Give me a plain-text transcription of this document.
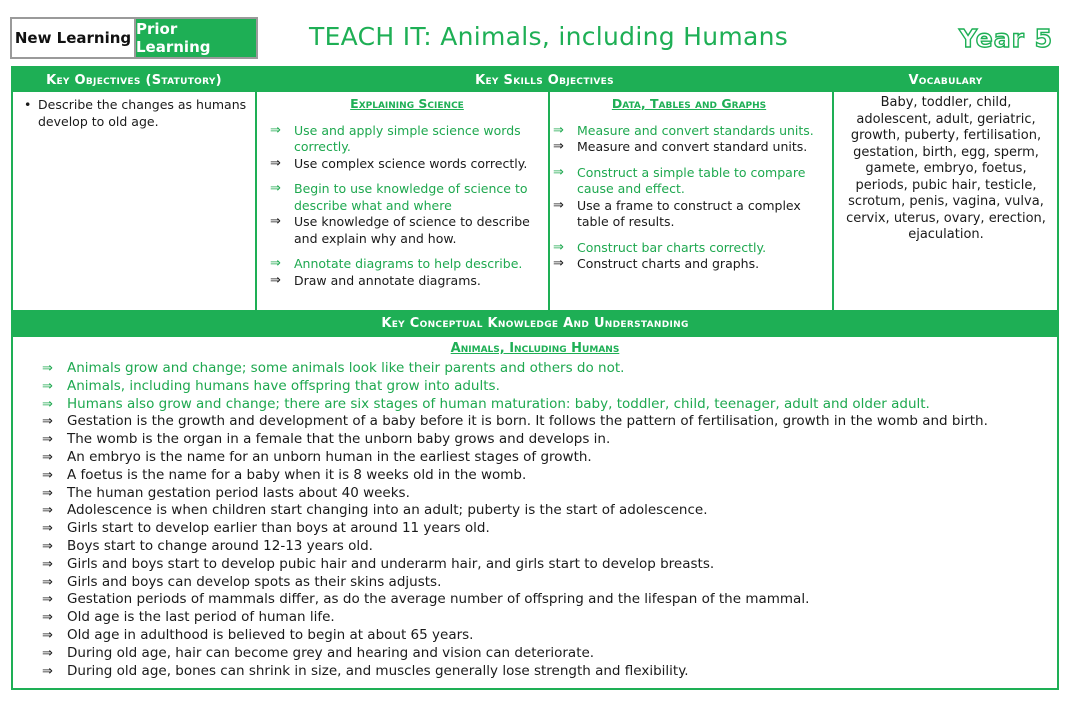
New Learning Prior Learning	TEACH IT: Animals, including Humans	Year 5
Key Objectives (Statutory)	Key Skills Objectives	Vocabulary
Key Conceptual Knowledge And Understanding
• Describe the changes as humans develop to old age.
Explaining Science
⇒	Use and apply simple science words correctly.
⇒	Use complex science words correctly.
⇒	Begin to use knowledge of science to describe what and where
⇒	Use knowledge of science to describe and explain why and how.
⇒	Annotate diagrams to help describe.
⇒	Draw and annotate diagrams.
Data, Tables and Graphs
⇒	Measure and convert standards units.
⇒	Measure and convert standard units.
⇒	Construct a simple table to compare cause and effect.
⇒	Use a frame to construct a complex table of results.
⇒	Construct bar charts correctly.
⇒	Construct charts and graphs.
Baby, toddler, child, adolescent, adult, geriatric, growth, puberty, fertilisation, gestation, birth, egg, sperm, gamete, embryo, foetus, periods, pubic hair, testicle, scrotum, penis, vagina, vulva, cervix, uterus, ovary, erection, ejaculation.
Animals, Including Humans
⇒	Animals grow and change; some animals look like their parents and others do not.
⇒	Animals, including humans have offspring that grow into adults.
⇒	Humans also grow and change; there are six stages of human maturation: baby, toddler, child, teenager, adult and older adult.
⇒	Gestation is the growth and development of a baby before it is born. It follows the pattern of fertilisation, growth in the womb and birth.
⇒	The womb is the organ in a female that the unborn baby grows and develops in.
⇒	An embryo is the name for an unborn human in the earliest stages of growth.
⇒	A foetus is the name for a baby when it is 8 weeks old in the womb.
⇒	The human gestation period lasts about 40 weeks.
⇒	Adolescence is when children start changing into an adult; puberty is the start of adolescence.
⇒	Girls start to develop earlier than boys at around 11 years old.
⇒	Boys start to change around 12-13 years old.
⇒	Girls and boys start to develop pubic hair and underarm hair, and girls start to develop breasts.
⇒	Girls and boys can develop spots as their skins adjusts.
⇒	Gestation periods of mammals differ, as do the average number of offspring and the lifespan of the mammal.
⇒	Old age is the last period of human life.
⇒	Old age in adulthood is believed to begin at about 65 years.
⇒	During old age, hair can become grey and hearing and vision can deteriorate.
⇒	During old age, bones can shrink in size, and muscles generally lose strength and flexibility.
